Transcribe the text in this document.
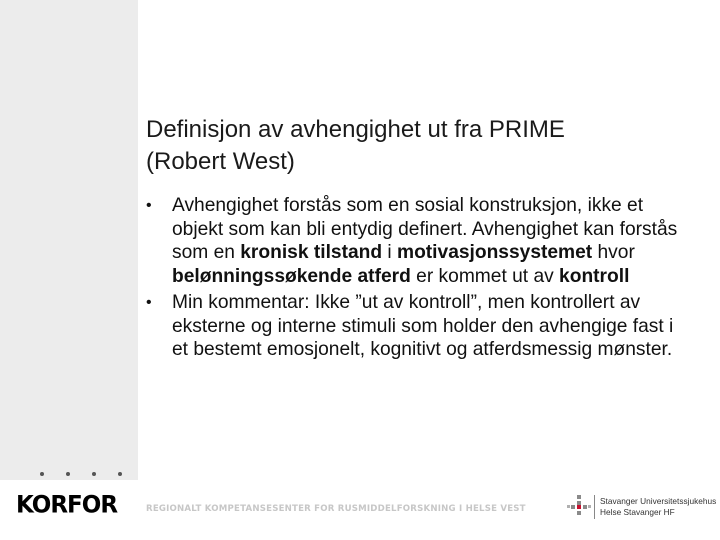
Definisjon av avhengighet ut fra PRIME
(Robert West)
• Avhengighet forstås som en sosial konstruksjon, ikke et objekt som kan bli entydig definert. Avhengighet kan forstås som en kronisk tilstand i motivasjonssystemet hvor belønningssøkende atferd er kommet ut av kontroll
• Min kommentar: Ikke ”ut av kontroll”, men kontrollert av eksterne og interne stimuli som holder den avhengige fast i et bestemt emosjonelt, kognitivt og atferdsmessig mønster.
KORFOR	REGIONALT KOMPETANSESENTER FOR RUSMIDDELFORSKNING I HELSE VEST
Stavanger Universitetssjukehus
Helse Stavanger HF
